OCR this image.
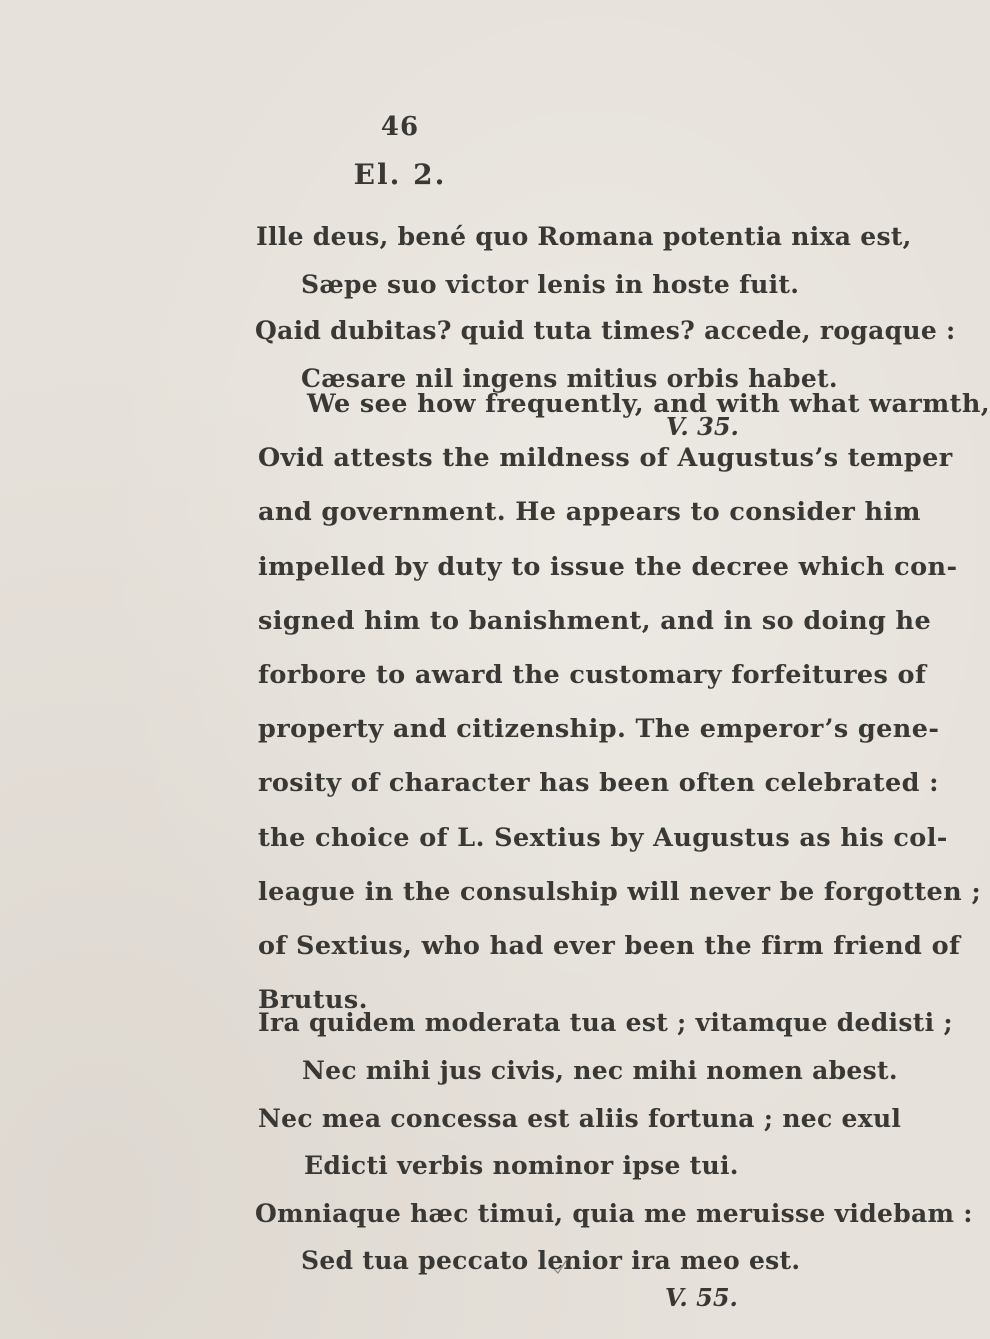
46
El. 2.
Ille deus, bené quo Romana potentia nixa est,
Sæpe suo victor lenis in hoste fuit.
Qaid dubitas? quid tuta times? accede, rogaque :
Cæsare nil ingens mitius orbis habet.
V. 35.
We see how frequently, and with what warmth,
Ovid attests the mildness of Augustus’s temper
and government. He appears to consider him
impelled by duty to issue the decree which con-
signed him to banishment, and in so doing he
forbore to award the customary forfeitures of
property and citizenship. The emperor’s gene-
rosity of character has been often celebrated :
the choice of L. Sextius by Augustus as his col-
league in the consulship will never be forgotten ;
of Sextius, who had ever been the firm friend of
Brutus.
Ira quidem moderata tua est ; vitamque dedisti ;
Nec mihi jus civis, nec mihi nomen abest.
Nec mea concessa est aliis fortuna ; nec exul
Edicti verbis nominor ipse tui.
Omniaque hæc timui, quia me meruisse videbam :
Sed tua peccato lenior ira meo est.
V. 55.
